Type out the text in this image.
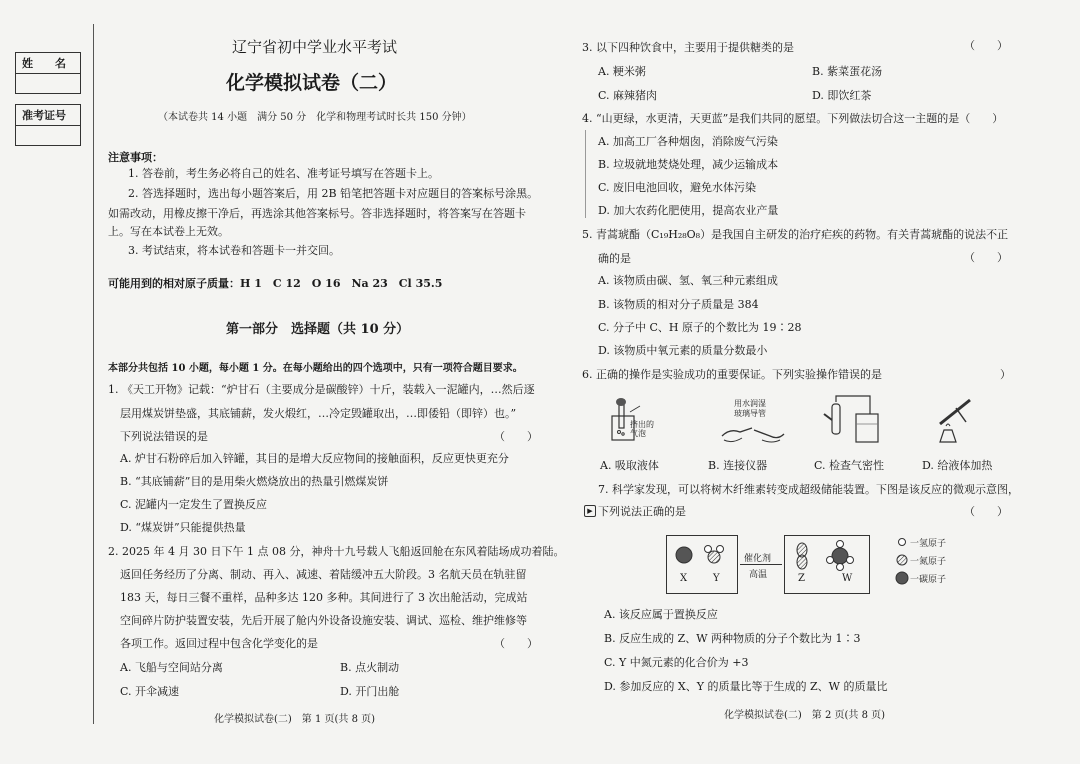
姓　　名
准考证号
辽宁省初中学业水平考试
化学模拟试卷（二）
（本试卷共 14 小题　满分 50 分　化学和物理考试时长共 150 分钟）
注意事项：
1. 答卷前，考生务必将自己的姓名、准考证号填写在答题卡上。
2. 答选择题时，选出每小题答案后，用 2B 铅笔把答题卡对应题目的答案标号涂黑。
如需改动，用橡皮擦干净后，再选涂其他答案标号。答非选择题时，将答案写在答题卡
上。写在本试卷上无效。
3. 考试结束，将本试卷和答题卡一并交回。
可能用到的相对原子质量：H 1　C 12　O 16　Na 23　Cl 35.5
第一部分　选择题（共 10 分）
本部分共包括 10 小题，每小题 1 分。在每小题给出的四个选项中，只有一项符合题目要求。
1. 《天工开物》记载：“炉甘石（主要成分是碳酸锌）十斤，装载入一泥罐内，…然后逐
层用煤炭饼垫盛，其底铺薪，发火煅红，…冷定毁罐取出，…即倭铅（即锌）也。”
下列说法错误的是	（　　）
A. 炉甘石粉碎后加入锌罐，其目的是增大反应物间的接触面积，反应更快更充分
B. “其底铺薪”目的是用柴火燃烧放出的热量引燃煤炭饼
C. 泥罐内一定发生了置换反应
D. “煤炭饼”只能提供热量
2. 2025 年 4 月 30 日下午 1 点 08 分，神舟十九号载人飞船返回舱在东风着陆场成功着陆。
返回任务经历了分离、制动、再入、减速、着陆缓冲五大阶段。3 名航天员在轨驻留
183 天，每日三餐不重样，品种多达 120 多种。其间进行了 3 次出舱活动，完成站
空间碎片防护装置安装，先后开展了舱内外设备设施安装、调试、巡检、维护维修等
各项工作。返回过程中包含化学变化的是	（　　）
A. 飞船与空间站分离	B. 点火制动
C. 开伞减速	D. 开门出舱
化学模拟试卷(二)　第 1 页(共 8 页)
3. 以下四种饮食中，主要用于提供糖类的是	（　　）
A. 粳米粥	B. 紫菜蛋花汤
C. 麻辣猪肉	D. 即饮红茶
4. “山更绿，水更清，天更蓝”是我们共同的愿望。下列做法切合这一主题的是（　　）
A. 加高工厂各种烟囱，消除废气污染
B. 垃圾就地焚烧处理，减少运输成本
C. 废旧电池回收，避免水体污染
D. 加大农药化肥使用，提高农业产量
5. 青蒿琥酯（C₁₉H₂₈O₈）是我国自主研发的治疗疟疾的药物。有关青蒿琥酯的说法不正
确的是	（　　）
A. 该物质由碳、氢、氧三种元素组成
B. 该物质的相对分子质量是 384
C. 分子中 C、H 原子的个数比为 19∶28
D. 该物质中氧元素的质量分数最小
6. 正确的操作是实验成功的重要保证。下列实验操作错误的是	）
挤出的气泡
用水润湿
玻璃导管
A. 吸取液体	B. 连接仪器	C. 检查气密性	D. 给液体加热
7. 科学家发现，可以将树木纤维素转变成超级储能装置。下图是该反应的微观示意图，
▶ 下列说法正确的是	（　　）
X	Y
催化剂
高温	Z	W
一氢原子
一氮原子
一碳原子
A. 该反应属于置换反应
B. 反应生成的 Z、W 两种物质的分子个数比为 1∶3
C. Y 中氮元素的化合价为 +3
D. 参加反应的 X、Y 的质量比等于生成的 Z、W 的质量比
化学模拟试卷(二)　第 2 页(共 8 页)
